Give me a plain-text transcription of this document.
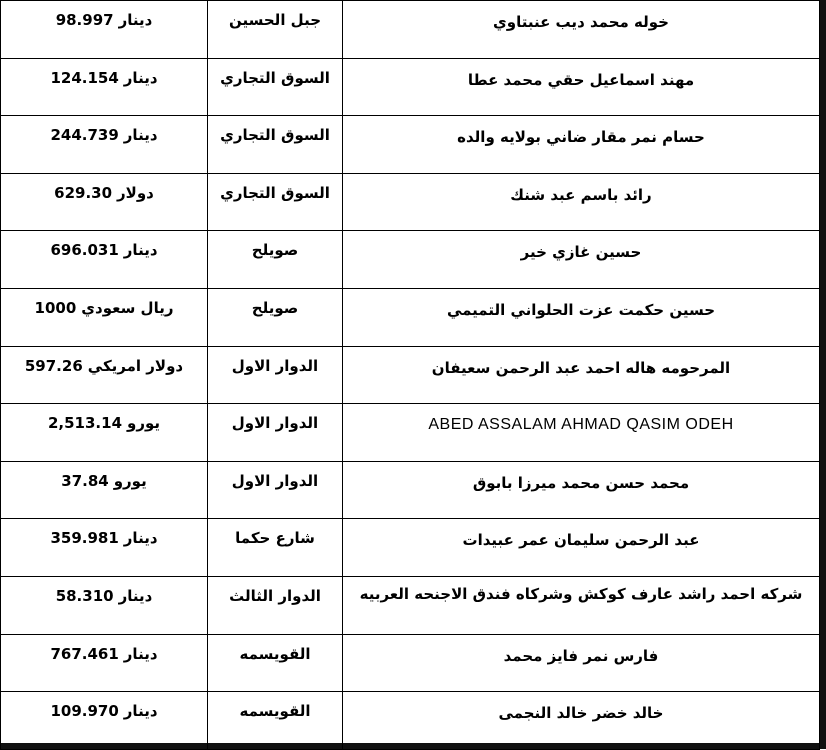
98.997 دينار	جبل الحسين	خوله محمد ديب عنبتاوي

124.154 دينار	السوق التجاري	مهند اسماعيل حقي محمد عطا

244.739 دينار	السوق التجاري	حسام نمر مقار ضاني بولايه والده

629.30 دولار	السوق التجاري	رائد باسم عبد شنك

696.031 دينار	صويلح	حسين غازي خير

1000 ريال سعودي	صويلح	حسين حكمت عزت الحلواني التميمي

597.26 دولار امريكي	الدوار الاول	المرحومه هاله احمد عبد الرحمن سعيفان

2,513.14 يورو	الدوار الاول	ABED ASSALAM AHMAD QASIM ODEH

37.84 يورو	الدوار الاول	محمد حسن محمد ميرزا بابوق

359.981 دينار	شارع حكما	عبد الرحمن سليمان عمر عبيدات

58.310 دينار	الدوار الثالث	شركه احمد راشد عارف كوكش وشركاه فندق الاجنحه العربيه

767.461 دينار	القويسمه	فارس نمر فايز محمد

109.970 دينار	القويسمه	خالد خضر خالد النجمى
